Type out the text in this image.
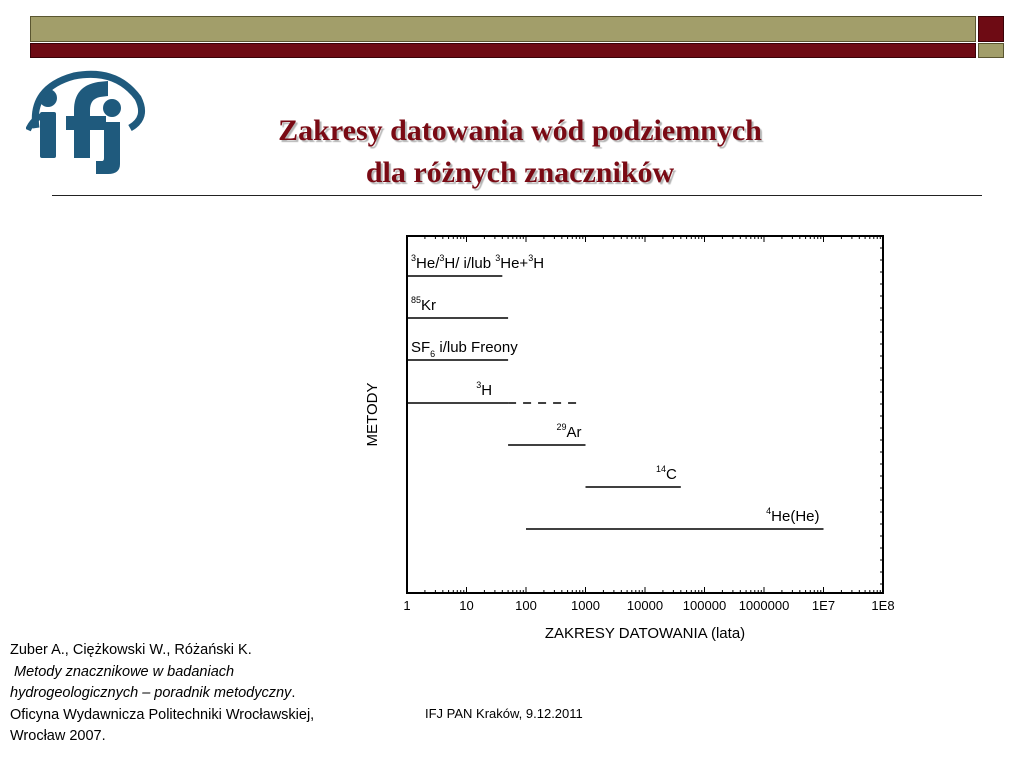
Zakresy datowania wód podziemnych
dla różnych znaczników
1	10	100	1000 10000 100000 1000000 1E7	1E8
ZAKRESY DATOWANIA (lata)
METODY
$^3$He/$^3$H/ i/lub $^3$He+$^3$H
$^{85}$Kr
$SF_6$ i/lub Freony
$^3$H
$^{29}$Ar
$^{14}$C
$^4$He(He)
Zuber A., Ciężkowski W., Różański K.
Metody znacznikowe w badaniach
hydrogeologicznych – poradnik metodyczny.
Oficyna Wydawnicza Politechniki Wrocławskiej,
Wrocław 2007.
IFJ PAN Kraków, 9.12.2011
